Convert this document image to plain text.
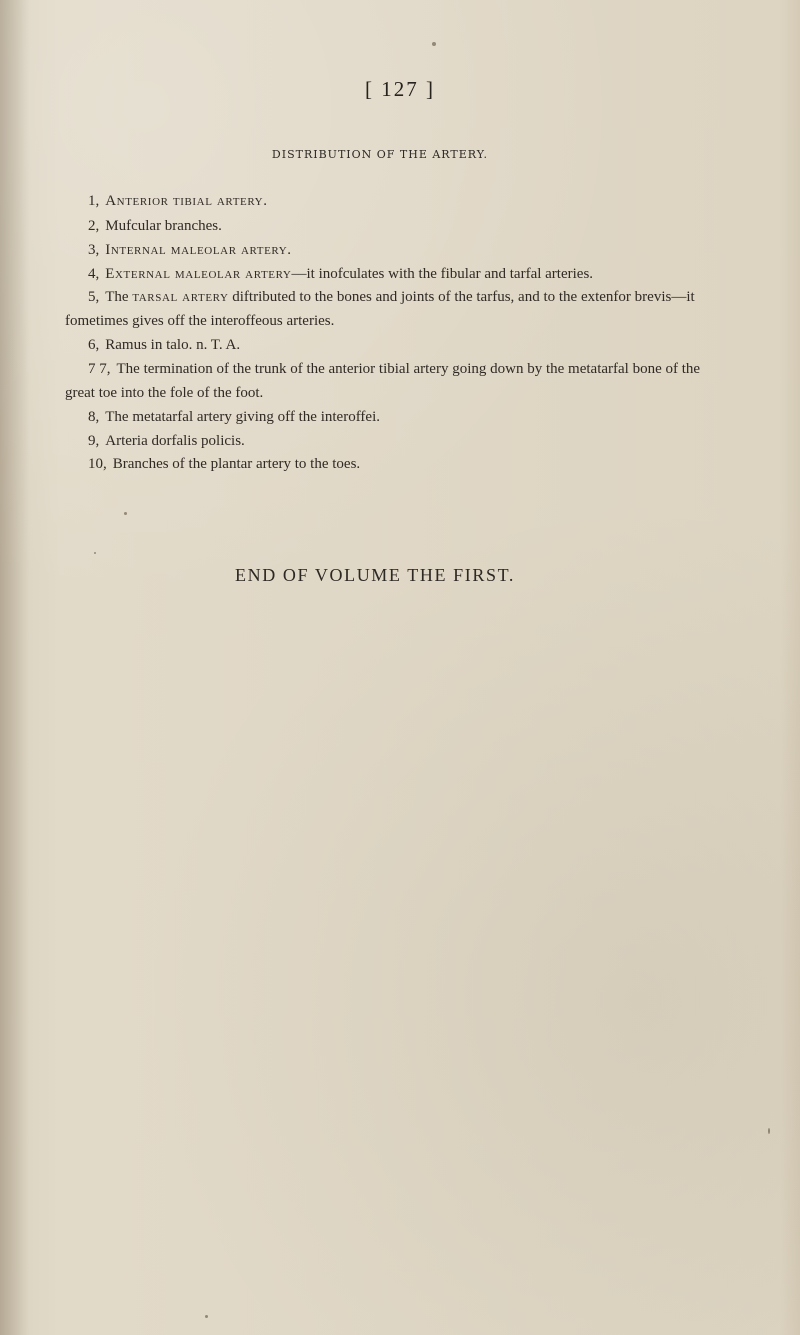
[ 127 ]
DISTRIBUTION OF THE ARTERY.
1, Anterior tibial artery.
2, Mufcular branches.
3, Internal maleolar artery.
4, External maleolar artery—it inofculates with the fibular and tarfal arteries.
5, The tarsal artery diftributed to the bones and joints of the tarfus, and to the extenfor brevis—it
fometimes gives off the interoffeous arteries.
6, Ramus in talo. n. T. A.
7 7, The termination of the trunk of the anterior tibial artery going down by the metatarfal bone of the
great toe into the fole of the foot.
8, The metatarfal artery giving off the interoffei.
9, Arteria dorfalis policis.
10, Branches of the plantar artery to the toes.
END OF VOLUME THE FIRST.
